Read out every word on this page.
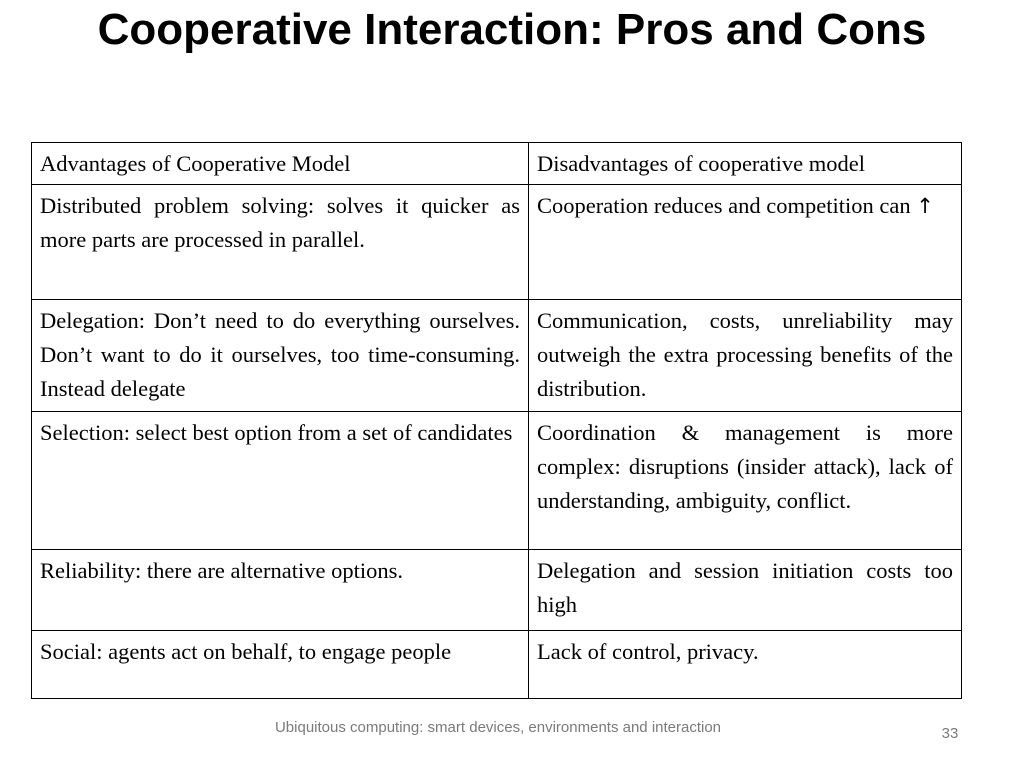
Cooperative Interaction: Pros and Cons
Advantages of Cooperative Model	Disadvantages of cooperative model
Distributed problem solving: solves it quicker as more parts are processed in parallel.	Cooperation reduces and competition can ↑
Delegation: Don’t need to do everything ourselves. Don’t want to do it ourselves, too time-consuming. Instead delegate	Communication, costs, unreliability may outweigh the extra processing benefits of the distribution.
Selection: select best option from a set of candidates	Coordination & management is more complex: disruptions (insider attack), lack of understanding, ambiguity, conflict.
Reliability: there are alternative options.	Delegation and session initiation costs too high
Social: agents act on behalf, to engage people	Lack of control, privacy.
Ubiquitous computing: smart devices, environments and interaction	33
